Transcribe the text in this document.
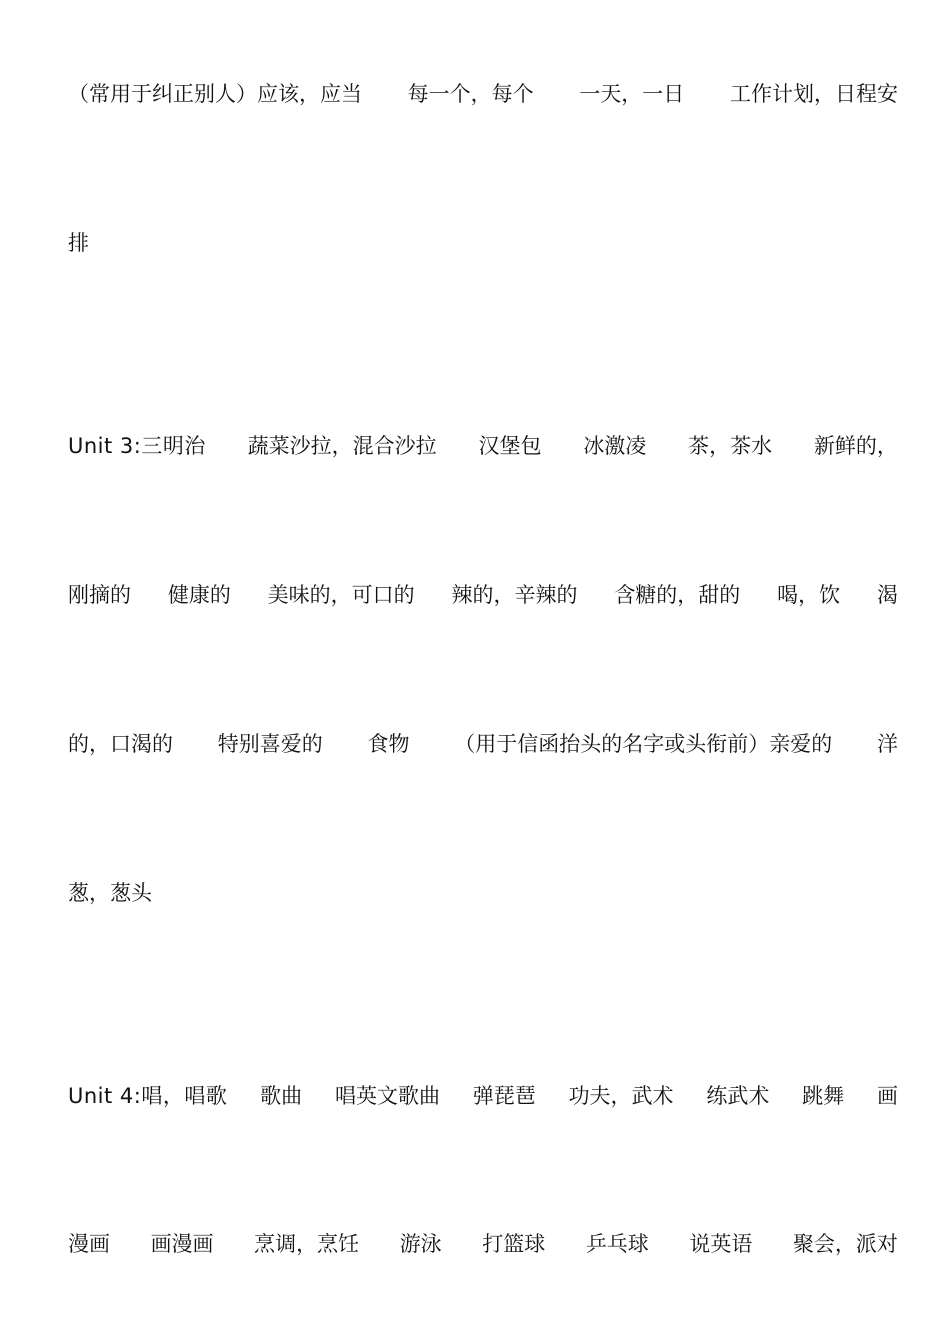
（常用于纠正别人）应该，应当 每一个，每个 一天，一日 工作计划，日程安
排
Unit 3:三明治 蔬菜沙拉，混合沙拉 汉堡包 冰激凌 茶，茶水 新鲜的，
刚摘的 健康的 美味的，可口的 辣的，辛辣的 含糖的，甜的 喝，饮 渴
的，口渴的 特别喜爱的 食物 （用于信函抬头的名字或头衔前）亲爱的 洋
葱，葱头
Unit 4:唱，唱歌 歌曲 唱英文歌曲 弹琵琶 功夫，武术 练武术 跳舞 画
漫画 画漫画 烹调，烹饪 游泳 打篮球 乒乓球 说英语 聚会，派对
